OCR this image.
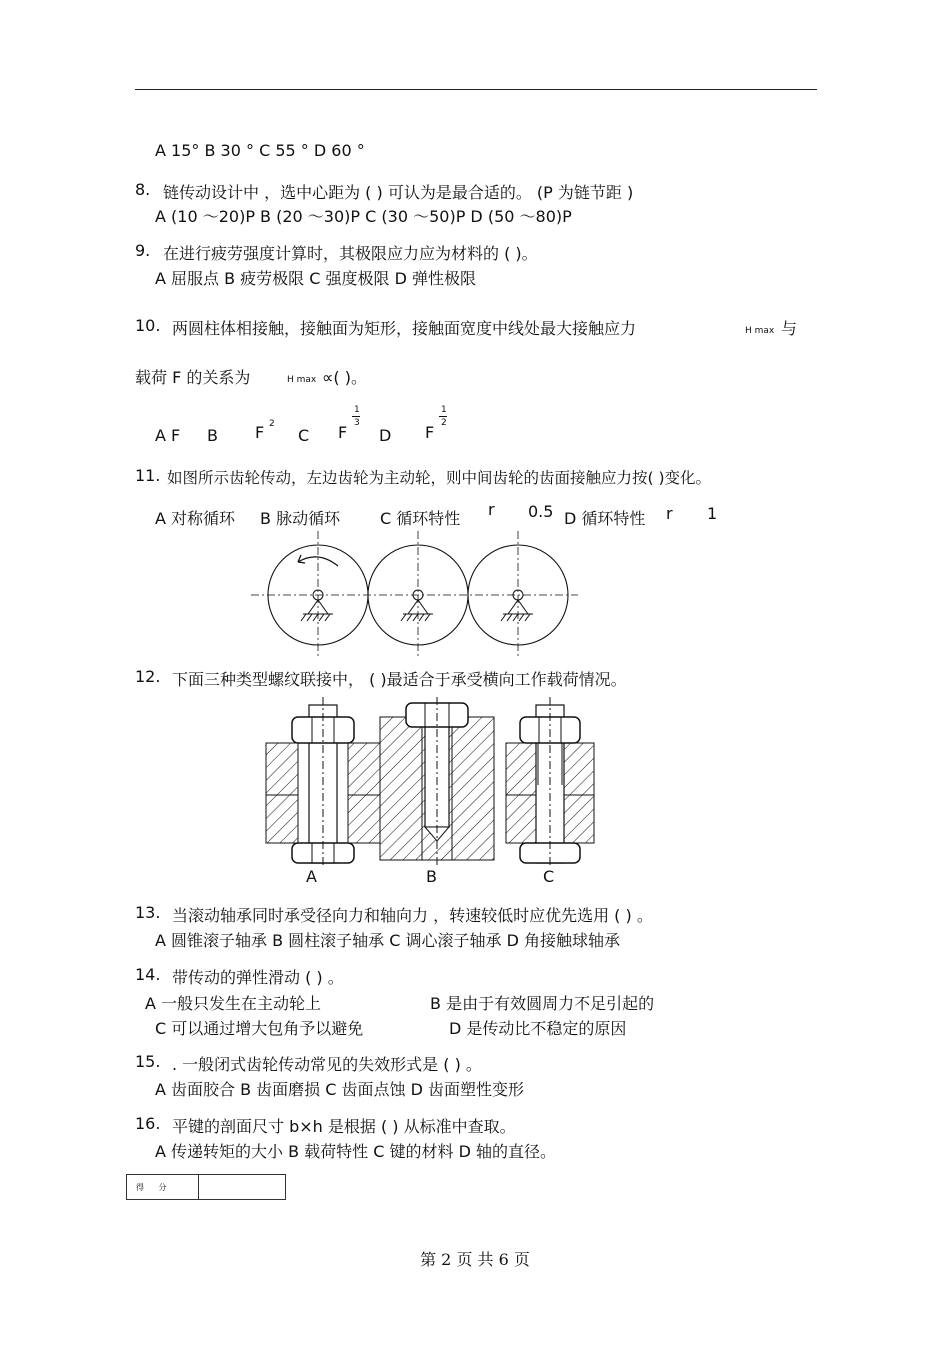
A 15° B 30 ° C 55 ° D 60 °
8. 链传动设计中 ，选中心距为 ( ) 可认为是最合适的。 (P 为链节距 )
A (10 ～20)P B (20 ～30)P C (30 ～50)P D (50 ～80)P
9. 在进行疲劳强度计算时，其极限应力应为材料的 ( )。
A 屈服点 B 疲劳极限 C 强度极限 D 弹性极限
10. 两圆柱体相接触，接触面为矩形，接触面宽度中线处最大接触应力	H max 与
载荷 F 的关系为	H max ∝( )。
A F B F 2
C F
1
3
D F
1
2
11. 如图所示齿轮传动，左边齿轮为主动轮，则中间齿轮的齿面接触应力按( )变化。
A 对称循环 B 脉动循环 C 循环特性 r 0.5 D 循环特性 r 1
12. 下面三种类型螺纹联接中， ( )最适合于承受横向工作载荷情况。
A	B	C
13. 当滚动轴承同时承受径向力和轴向力 ，转速较低时应优先选用 ( ) 。
A 圆锥滚子轴承 B 圆柱滚子轴承 C 调心滚子轴承 D 角接触球轴承
14. 带传动的弹性滑动 ( ) 。
A 一般只发生在主动轮上	B 是由于有效圆周力不足引起的
C 可以通过增大包角予以避免	D 是传动比不稳定的原因
15. . 一般闭式齿轮传动常见的失效形式是 ( ) 。
A 齿面胶合 B 齿面磨损 C 齿面点蚀 D 齿面塑性变形
16. 平键的剖面尺寸 b×h 是根据 ( ) 从标准中查取。
A 传递转矩的大小 B 载荷特性 C 键的材料 D 轴的直径。
得 分
第 2 页 共 6 页
